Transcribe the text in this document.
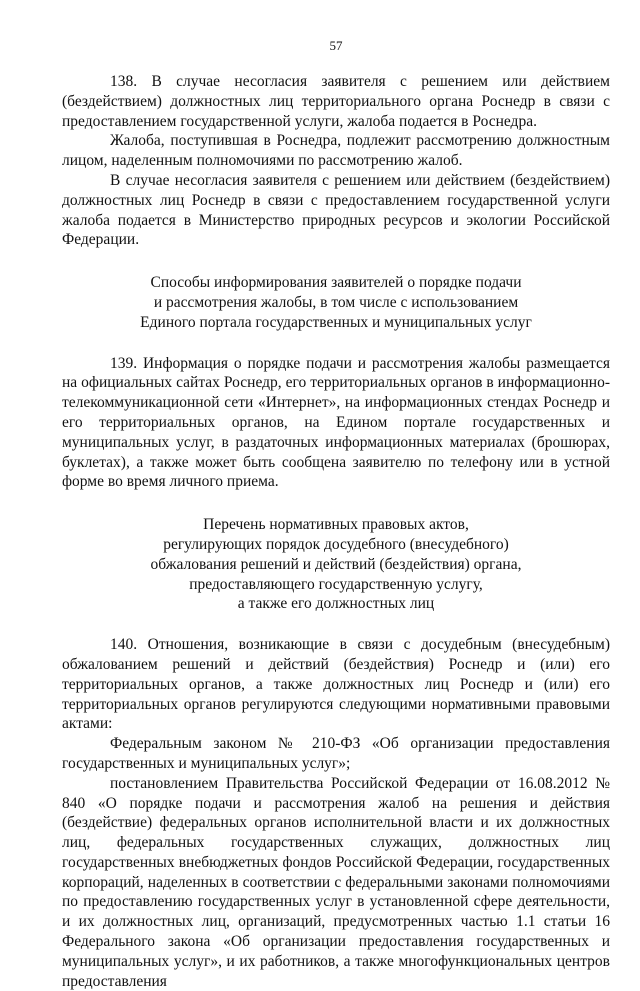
57

138. В случае несогласия заявителя с решением или действием (бездействием) должностных лиц территориального органа Роснедр в связи с предоставлением государственной услуги, жалоба подается в Роснедра.

Жалоба, поступившая в Роснедра, подлежит рассмотрению должностным лицом, наделенным полномочиями по рассмотрению жалоб.

В случае несогласия заявителя с решением или действием (бездействием) должностных лиц Роснедр в связи с предоставлением государственной услуги жалоба подается в Министерство природных ресурсов и экологии Российской Федерации.

Способы информирования заявителей о порядке подачи
и рассмотрения жалобы, в том числе с использованием
Единого портала государственных и муниципальных услуг

139. Информация о порядке подачи и рассмотрения жалобы размещается на официальных сайтах Роснедр, его территориальных органов в информационно-телекоммуникационной сети «Интернет», на информационных стендах Роснедр и его территориальных органов, на Едином портале государственных и муниципальных услуг, в раздаточных информационных материалах (брошюрах, буклетах), а также может быть сообщена заявителю по телефону или в устной форме во время личного приема.

Перечень нормативных правовых актов,
регулирующих порядок досудебного (внесудебного)
обжалования решений и действий (бездействия) органа,
предоставляющего государственную услугу,
а также его должностных лиц

140. Отношения, возникающие в связи с досудебным (внесудебным) обжалованием решений и действий (бездействия) Роснедр и (или) его территориальных органов, а также должностных лиц Роснедр и (или) его территориальных органов регулируются следующими нормативными правовыми актами:

Федеральным законом № 210-ФЗ «Об организации предоставления государственных и муниципальных услуг»;

постановлением Правительства Российской Федерации от 16.08.2012 № 840 «О порядке подачи и рассмотрения жалоб на решения и действия (бездействие) федеральных органов исполнительной власти и их должностных лиц, федеральных государственных служащих, должностных лиц государственных внебюджетных фондов Российской Федерации, государственных корпораций, наделенных в соответствии с федеральными законами полномочиями по предоставлению государственных услуг в установленной сфере деятельности, и их должностных лиц, организаций, предусмотренных частью 1.1 статьи 16 Федерального закона «Об организации предоставления государственных и муниципальных услуг», и их работников, а также многофункциональных центров предоставления
